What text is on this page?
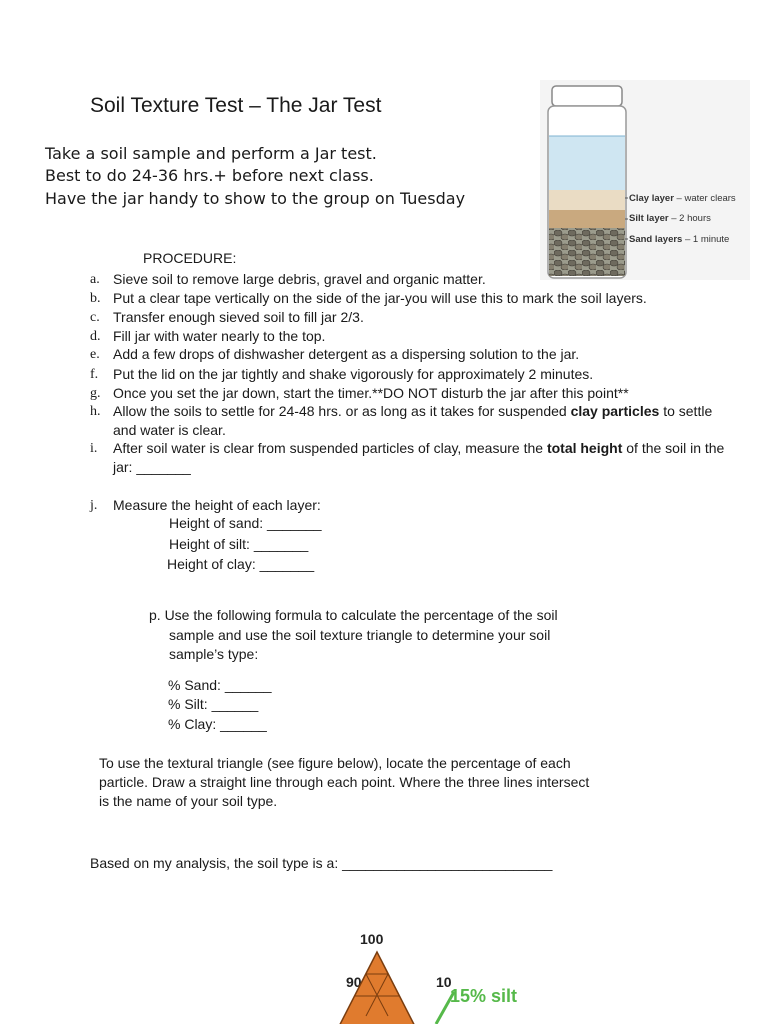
Soil Texture Test – The Jar Test
Take a soil sample and perform a Jar test.
Best to do 24-36 hrs.+ before next class.
Have the jar handy to show to the group on Tuesday	Clay layer – water clears
Silt layer – 2 hours
Sand layers – 1 minute
PROCEDURE:
a. Sieve soil to remove large debris, gravel and organic matter.
b. Put a clear tape vertically on the side of the jar-you will use this to mark the soil layers.
c. Transfer enough sieved soil to fill jar 2/3.
d. Fill jar with water nearly to the top.
e. Add a few drops of dishwasher detergent as a dispersing solution to the jar.
f.	Put the lid on the jar tightly and shake vigorously for approximately 2 minutes.
g. Once you set the jar down, start the timer.**DO NOT disturb the jar after this point**
h. Allow the soils to settle for 24-48 hrs. or as long as it takes for suspended clay particles to settle and water is clear.
i.	After soil water is clear from suspended particles of clay, measure the total height of the soil in the jar: _______
j.	Measure the height of each layer:
Height of sand: _______
Height of silt: _______
Height of clay: _______
p. Use the following formula to calculate the percentage of the soil
sample and use the soil texture triangle to determine your soil
sample’s type:
% Sand: ______
% Silt: ______
% Clay: ______
To use the textural triangle (see figure below), locate the percentage of each
particle. Draw a straight line through each point. Where the three lines intersect
is the name of your soil type.
Based on my analysis, the soil type is a: ___________________________
100
90	10
15% silt
